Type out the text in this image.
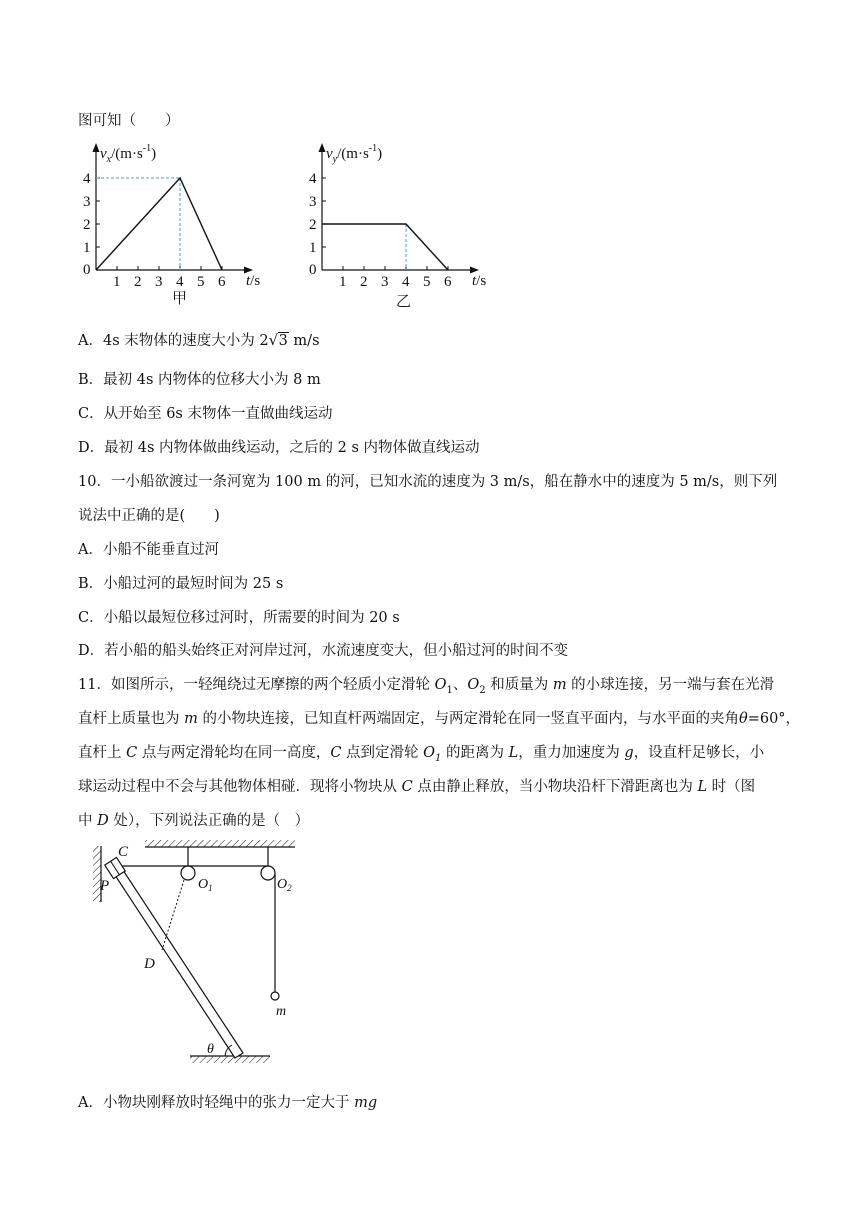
图可知（　　）
1
2
3
4
1 2 3 4 5 6
0
$v_x/(m\cdot s^{-1})$
t/s
甲
1
2
3
4
1 2 3 4 5 6
0
$v_y/(m\cdot s^{-1})$
t/s
乙
A．4s 末物体的速度大小为 2 √ 3 m/s
B．最初 4s 内物体的位移大小为 8 m
C．从开始至 6s 末物体一直做曲线运动
D．最初 4s 内物体做曲线运动，之后的 2 s 内物体做直线运动
10．一小船欲渡过一条河宽为 100 m 的河，已知水流的速度为 3 m/s，船在静水中的速度为 5 m/s，则下列
说法中正确的是(　　)
A．小船不能垂直过河
B．小船过河的最短时间为 25 s
C．小船以最短位移过河时，所需要的时间为 20 s
D．若小船的船头始终正对河岸过河，水流速度变大，但小船过河的时间不变
11．如图所示，一轻绳绕过无摩擦的两个轻质小定滑轮 $O_1$、$O_2$ 和质量为 m 的小球连接，另一端与套在光滑
直杆上质量也为 m 的小物块连接，已知直杆两端固定，与两定滑轮在同一竖直平面内，与水平面的夹角θ=60°，
直杆上 C 点与两定滑轮均在同一高度，C 点到定滑轮 $O_1$ 的距离为 L，重力加速度为 g，设直杆足够长，小
球运动过程中不会与其他物体相碰．现将小物块从 C 点由静止释放，当小物块沿杆下滑距离也为 L 时（图
中 D 处），下列说法正确的是（　）
C
P
D
$O_1$	$O_2$
m
θ
A．小物块刚释放时轻绳中的张力一定大于 mg
